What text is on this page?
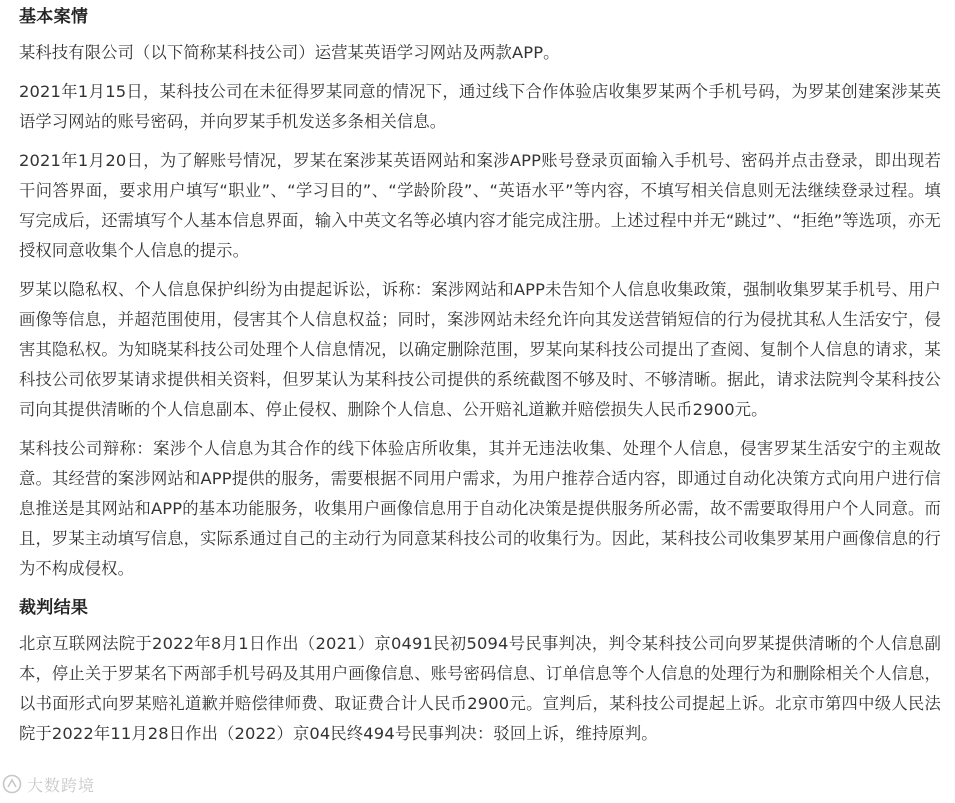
基本案情

某科技有限公司（以下简称某科技公司）运营某英语学习网站及两款APP。

2021年1月15日，某科技公司在未征得罗某同意的情况下，通过线下合作体验店收集罗某两个手机号码，为罗某创建案涉某英语学习网站的账号密码，并向罗某手机发送多条相关信息。

2021年1月20日，为了解账号情况，罗某在案涉某英语网站和案涉APP账号登录页面输入手机号、密码并点击登录，即出现若干问答界面，要求用户填写“职业”、“学习目的”、“学龄阶段”、“英语水平”等内容，不填写相关信息则无法继续登录过程。填写完成后，还需填写个人基本信息界面，输入中英文名等必填内容才能完成注册。上述过程中并无“跳过”、“拒绝”等选项，亦无授权同意收集个人信息的提示。

罗某以隐私权、个人信息保护纠纷为由提起诉讼，诉称：案涉网站和APP未告知个人信息收集政策，强制收集罗某手机号、用户画像等信息，并超范围使用，侵害其个人信息权益；同时，案涉网站未经允许向其发送营销短信的行为侵扰其私人生活安宁，侵害其隐私权。为知晓某科技公司处理个人信息情况，以确定删除范围，罗某向某科技公司提出了查阅、复制个人信息的请求，某科技公司依罗某请求提供相关资料，但罗某认为某科技公司提供的系统截图不够及时、不够清晰。据此，请求法院判令某科技公司向其提供清晰的个人信息副本、停止侵权、删除个人信息、公开赔礼道歉并赔偿损失人民币2900元。

某科技公司辩称：案涉个人信息为其合作的线下体验店所收集，其并无违法收集、处理个人信息，侵害罗某生活安宁的主观故意。其经营的案涉网站和APP提供的服务，需要根据不同用户需求，为用户推荐合适内容，即通过自动化决策方式向用户进行信息推送是其网站和APP的基本功能服务，收集用户画像信息用于自动化决策是提供服务所必需，故不需要取得用户个人同意。而且，罗某主动填写信息，实际系通过自己的主动行为同意某科技公司的收集行为。因此，某科技公司收集罗某用户画像信息的行为不构成侵权。

裁判结果

北京互联网法院于2022年8月1日作出（2021）京0491民初5094号民事判决，判令某科技公司向罗某提供清晰的个人信息副本，停止关于罗某名下两部手机号码及其用户画像信息、账号密码信息、订单信息等个人信息的处理行为和删除相关个人信息，以书面形式向罗某赔礼道歉并赔偿律师费、取证费合计人民币2900元。宣判后，某科技公司提起上诉。北京市第四中级人民法院于2022年11月28日作出（2022）京04民终494号民事判决：驳回上诉，维持原判。

大数跨境
